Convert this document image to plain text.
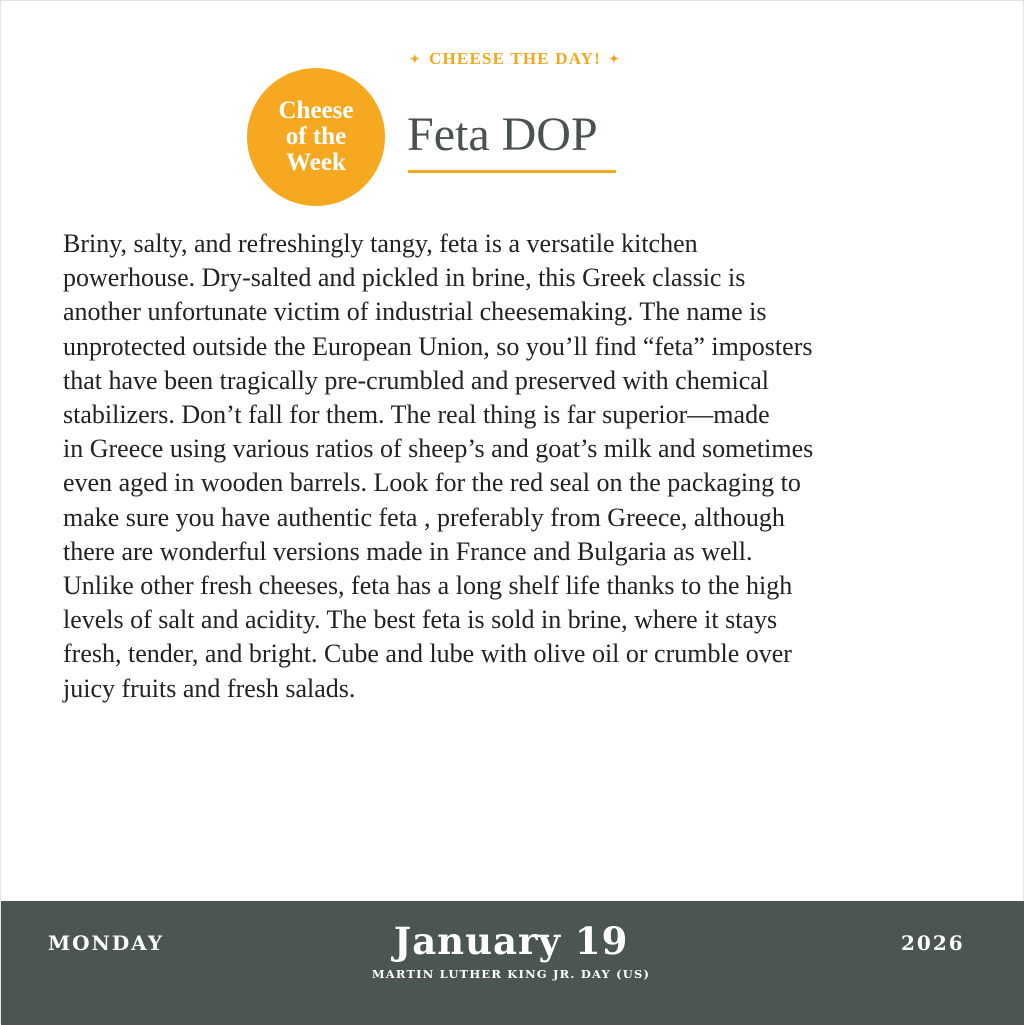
✦ CHEESE THE DAY! ✦
Cheese
of the
Week
Feta DOP

Briny, salty, and refreshingly tangy, feta is a versatile kitchen
powerhouse. Dry-salted and pickled in brine, this Greek classic is
another unfortunate victim of industrial cheesemaking. The name is
unprotected outside the European Union, so you’ll find “feta” imposters
that have been tragically pre-crumbled and preserved with chemical
stabilizers. Don’t fall for them. The real thing is far superior—made
in Greece using various ratios of sheep’s and goat’s milk and sometimes
even aged in wooden barrels. Look for the red seal on the packaging to
make sure you have authentic feta , preferably from Greece, although
there are wonderful versions made in France and Bulgaria as well.
Unlike other fresh cheeses, feta has a long shelf life thanks to the high
levels of salt and acidity. The best feta is sold in brine, where it stays
fresh, tender, and bright. Cube and lube with olive oil or crumble over
juicy fruits and fresh salads.

MONDAY	January 19
MARTIN LUTHER KING JR. DAY (US)
2026
